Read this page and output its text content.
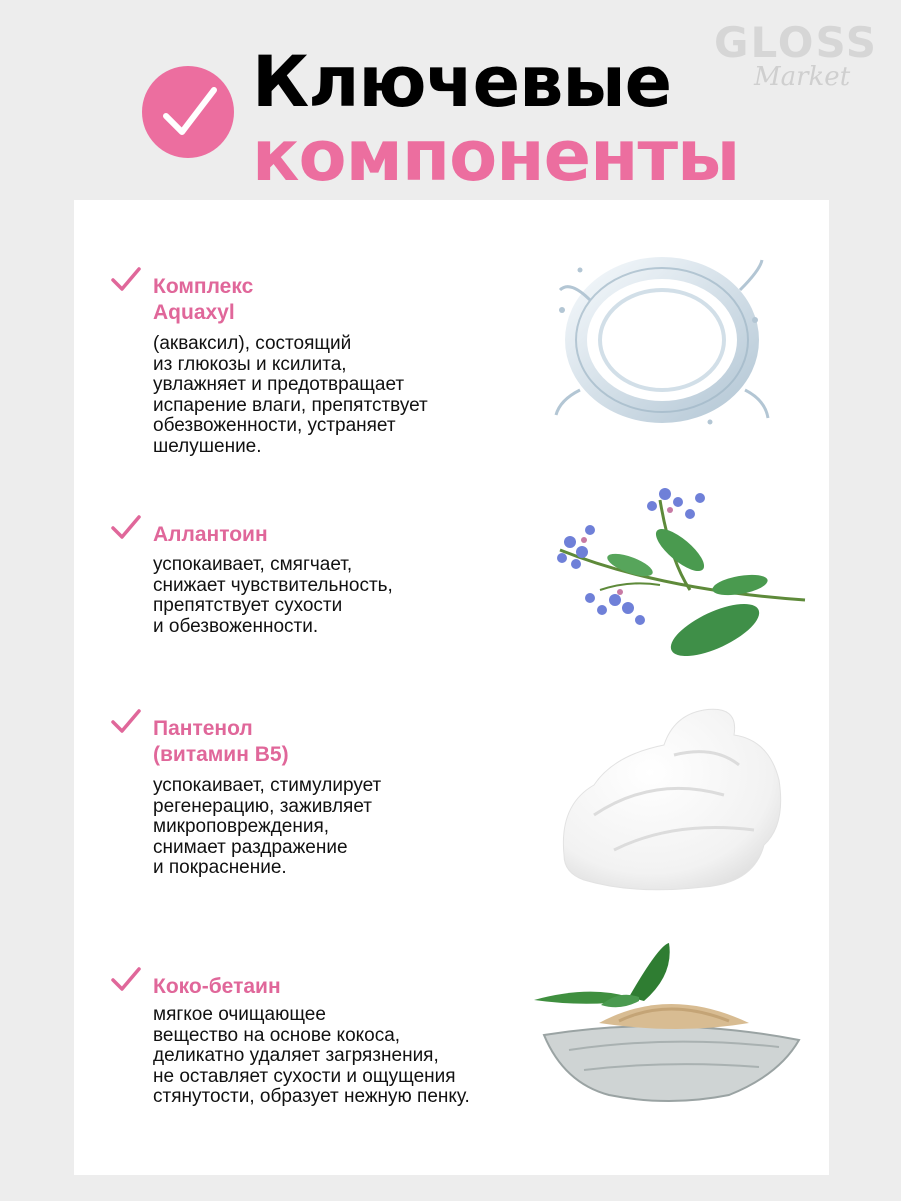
GLOSS
Market
Ключевые
компоненты
Комплекс
Aquaxyl
(акваксил), состоящий
из глюкозы и ксилита,
увлажняет и предотвращает
испарение влаги, препятствует
обезвоженности, устраняет
шелушение.
Аллантоин
успокаивает, смягчает,
снижает чувствительность,
препятствует сухости
и обезвоженности.
Пантенол
(витамин B5)
успокаивает, стимулирует
регенерацию, заживляет
микроповреждения,
снимает раздражение
и покраснение.
Коко-бетаин
мягкое очищающее
вещество на основе кокоса,
деликатно удаляет загрязнения,
не оставляет сухости и ощущения
стянутости, образует нежную пенку.
